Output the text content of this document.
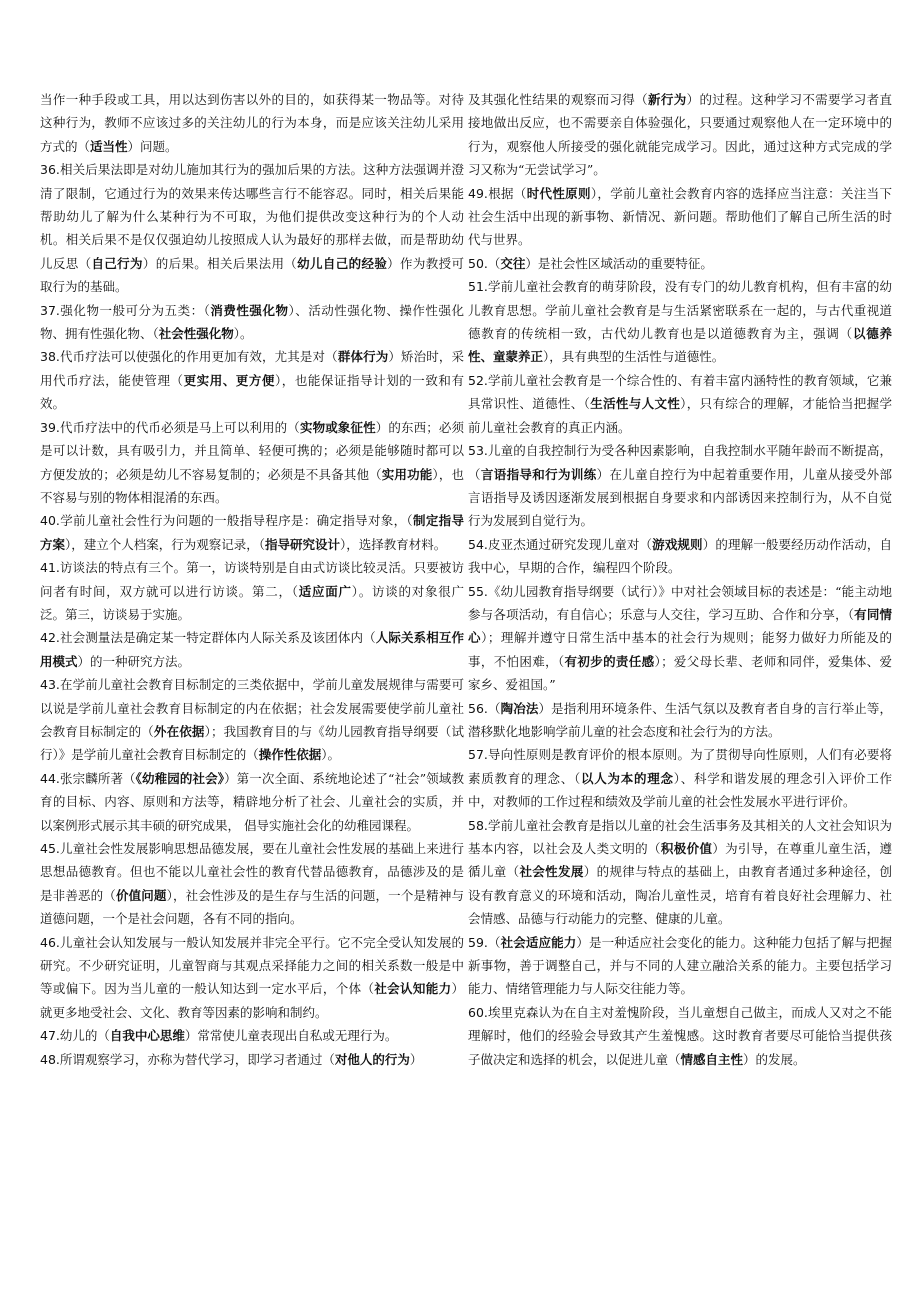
当作一种手段或工具，用以达到伤害以外的目的，如获得某一物品等。对待这种行为，教师不应该过多的关注幼儿的行为本身，而是应该关注幼儿采用方式的（适当性）问题。

36.相关后果法即是对幼儿施加其行为的强加后果的方法。这种方法强调并澄清了限制，它通过行为的效果来传达哪些言行不能容忍。同时，相关后果能帮助幼儿了解为什么某种行为不可取，为他们提供改变这种行为的个人动机。相关后果不是仅仅强迫幼儿按照成人认为最好的那样去做，而是帮助幼儿反思（自己行为）的后果。相关后果法用（幼儿自己的经验）作为教授可取行为的基础。

37.强化物一般可分为五类：（消费性强化物）、活动性强化物、操作性强化物、拥有性强化物、（社会性强化物）。

38.代币疗法可以使强化的作用更加有效，尤其是对（群体行为）矫治时，采用代币疗法，能使管理（更实用、更方便），也能保证指导计划的一致和有效。

39.代币疗法中的代币必须是马上可以利用的（实物或象征性）的东西；必须是可以计数，具有吸引力，并且简单、轻便可携的；必须是能够随时都可以方便发放的；必须是幼儿不容易复制的；必须是不具备其他（实用功能），也不容易与别的物体相混淆的东西。

40.学前儿童社会性行为问题的一般指导程序是：确定指导对象，（制定指导方案），建立个人档案，行为观察记录，（指导研究设计），选择教育材料。

41.访谈法的特点有三个。第一，访谈特别是自由式访谈比较灵活。只要被访问者有时间，双方就可以进行访谈。第二，（适应面广）。访谈的对象很广泛。第三，访谈易于实施。

42.社会测量法是确定某一特定群体内人际关系及该团体内（人际关系相互作用模式）的一种研究方法。

43.在学前儿童社会教育目标制定的三类依据中，学前儿童发展规律与需要可以说是学前儿童社会教育目标制定的内在依据；社会发展需要使学前儿童社会教育目标制定的（外在依据）；我国教育目的与《幼儿园教育指导纲要（试行）》是学前儿童社会教育目标制定的（操作性依据）。

44.张宗麟所著（《幼稚园的社会》）第一次全面、系统地论述了“社会”领域教育的目标、内容、原则和方法等，精辟地分析了社会、儿童社会的实质，并以案例形式展示其丰硕的研究成果， 倡导实施社会化的幼稚园课程。

45.儿童社会性发展影响思想品德发展，要在儿童社会性发展的基础上来进行思想品德教育。但也不能以儿童社会性的教育代替品德教育，品德涉及的是是非善恶的（价值问题），社会性涉及的是生存与生活的问题，一个是精神与道德问题，一个是社会问题，各有不同的指向。

46.儿童社会认知发展与一般认知发展并非完全平行。它不完全受认知发展的研究。不少研究证明，儿童智商与其观点采择能力之间的相关系数一般是中等或偏下。因为当儿童的一般认知达到一定水平后，个体（社会认知能力）就更多地受社会、文化、教育等因素的影响和制约。

47.幼儿的（自我中心思维）常常使儿童表现出自私或无理行为。

48.所谓观察学习，亦称为替代学习，即学习者通过（对他人的行为）

及其强化性结果的观察而习得（新行为）的过程。这种学习不需要学习者直接地做出反应，也不需要亲自体验强化，只要通过观察他人在一定环境中的行为，观察他人所接受的强化就能完成学习。因此，通过这种方式完成的学习又称为“无尝试学习”。

49.根据（时代性原则），学前儿童社会教育内容的选择应当注意：关注当下社会生活中出现的新事物、新情况、新问题。帮助他们了解自己所生活的时代与世界。

50.（交往）是社会性区域活动的重要特征。

51.学前儿童社会教育的萌芽阶段，没有专门的幼儿教育机构，但有丰富的幼儿教育思想。学前儿童社会教育是与生活紧密联系在一起的，与古代重视道德教育的传统相一致，古代幼儿教育也是以道德教育为主，强调（以德养性、童蒙养正），具有典型的生活性与道德性。

52.学前儿童社会教育是一个综合性的、有着丰富内涵特性的教育领域，它兼具常识性、道德性、（生活性与人文性），只有综合的理解，才能恰当把握学前儿童社会教育的真正内涵。

53.儿童的自我控制行为受各种因素影响，自我控制水平随年龄而不断提高，（言语指导和行为训练）在儿童自控行为中起着重要作用，儿童从接受外部言语指导及诱因逐渐发展到根据自身要求和内部诱因来控制行为，从不自觉行为发展到自觉行为。

54.皮亚杰通过研究发现儿童对（游戏规则）的理解一般要经历动作活动，自我中心，早期的合作，编程四个阶段。

55.《幼儿园教育指导纲要（试行）》中对社会领域目标的表述是：“能主动地参与各项活动，有自信心；乐意与人交往，学习互助、合作和分享，（有同情心）；理解并遵守日常生活中基本的社会行为规则；能努力做好力所能及的事，不怕困难，（有初步的责任感）；爱父母长辈、老师和同伴，爱集体、爱家乡、爱祖国。”

56.（陶冶法）是指利用环境条件、生活气氛以及教育者自身的言行举止等，潜移默化地影响学前儿童的社会态度和社会行为的方法。

57.导向性原则是教育评价的根本原则。为了贯彻导向性原则，人们有必要将素质教育的理念、（以人为本的理念）、科学和谐发展的理念引入评价工作中，对教师的工作过程和绩效及学前儿童的社会性发展水平进行评价。

58.学前儿童社会教育是指以儿童的社会生活事务及其相关的人文社会知识为基本内容，以社会及人类文明的（积极价值）为引导，在尊重儿童生活，遵循儿童（社会性发展）的规律与特点的基础上，由教育者通过多种途径，创设有教育意义的环境和活动，陶冶儿童性灵，培育有着良好社会理解力、社会情感、品德与行动能力的完整、健康的儿童。

59.（社会适应能力）是一种适应社会变化的能力。这种能力包括了解与把握新事物，善于调整自己，并与不同的人建立融洽关系的能力。主要包括学习能力、情绪管理能力与人际交往能力等。

60.埃里克森认为在自主对羞愧阶段，当儿童想自己做主，而成人又对之不能理解时，他们的经验会导致其产生羞愧感。这时教育者要尽可能恰当提供孩子做决定和选择的机会，以促进儿童（情感自主性）的发展。
